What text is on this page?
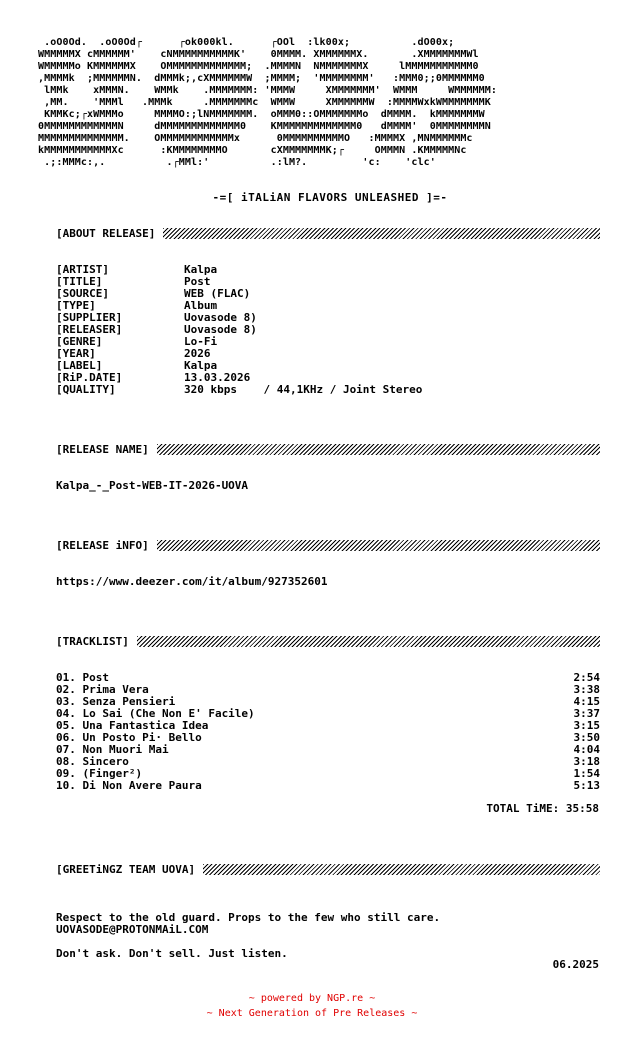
.oO0Od.  .oO0Od┌      ┌ok000kl.      ┌OOl  :lk00x;          .dO00x;
WMMMMMX cMMMMMM'    cNMMMMMMMMMMK'    0MMMM. XMMMMMMX.       .XMMMMMMMWl
WMMMMMo KMMMMMMX    OMMMMMMMMMMMMM;  .MMMMN  NMMMMMMMX     lMMMMMMMMMMM0
,MMMMk  ;MMMMMMN.  dMMMk;,cXMMMMMMW  ;MMMM;  'MMMMMMMM'   :MMM0;;0MMMMMM0
lMMk    xMMMN.    WMMk    .MMMMMMM: 'MMMW     XMMMMMMM'  WMMM     WMMMMMM:
,MM.    'MMMl   .MMMk     .MMMMMMMc  WMMW     XMMMMMMW  :MMMMWxkWMMMMMMMK
KMMKc;┌xWMMMo     MMMMO:;lNMMMMMMM.  oMMM0::OMMMMMMMo  dMMMM.  kMMMMMMMW
0MMMMMMMMMMMMN     dMMMMMMMMMMMMM0    KMMMMMMMMMMMMM0   dMMMM'  0MMMMMMMMN
MMMMMMMMMMMMMM.    OMMMMMMMMMMMMx      0MMMMMMMMMMO   :MMMMX ,MNMMMMMMc
kMMMMMMMMMMMXc      :KMMMMMMMMO       cXMMMMMMMK;┌     OMMMN .KMMMMMNc
.;:MMMc:,.          .┌MMl:'          .:lM?.         'c:    'clc'
-=[ iTALiAN FLAVORS UNLEASHED ]=-
[ABOUT RELEASE]
[ARTIST]	Kalpa
[TITLE]	Post
[SOURCE]	WEB (FLAC)
[TYPE]	Album
[SUPPLIER]	Uovasode 8)
[RELEASER]	Uovasode 8)
[GENRE]	Lo-Fi
[YEAR]	2026
[LABEL]	Kalpa
[RiP.DATE]	13.03.2026
[QUALITY]	320 kbps    / 44,1KHz / Joint Stereo
[RELEASE NAME]
Kalpa_-_Post-WEB-IT-2026-UOVA
[RELEASE iNFO]
https://www.deezer.com/it/album/927352601
[TRACKLIST]
01. Post	2:54
02. Prima Vera	3:38
03. Senza Pensieri	4:15
04. Lo Sai (Che Non E' Facile)	3:37
05. Una Fantastica Idea	3:15
06. Un Posto Pi· Bello	3:50
07. Non Muori Mai	4:04
08. Sincero	3:18
09. (Finger²)	1:54
10. Di Non Avere Paura	5:13
TOTAL TiME: 35:58
[GREETiNGZ TEAM UOVA]

Respect to the old guard. Props to the few who still care.

Don't ask. Don't sell. Just listen.

UOVASODE@PROTONMAiL.COM
06.2025
~ powered by NGP.re ~
~ Next Generation of Pre Releases ~
